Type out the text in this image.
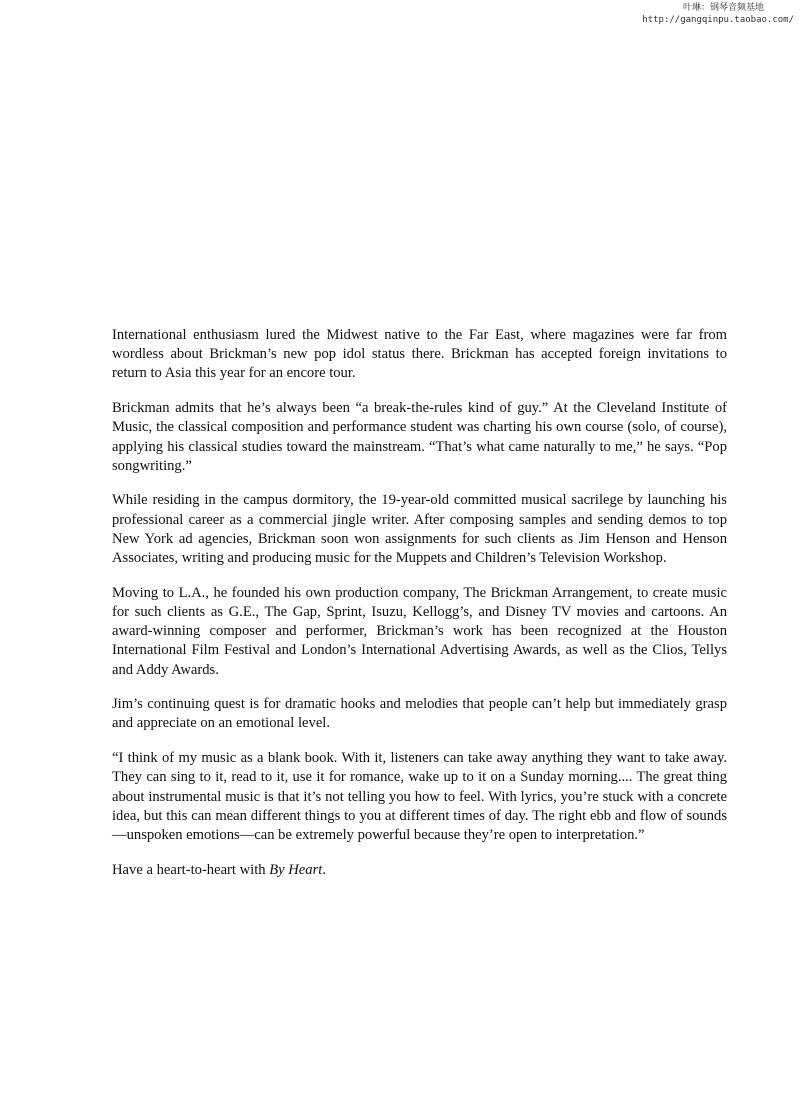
叶琳：钢琴音频基地
http://gangqinpu.taobao.com/

International enthusiasm lured the Midwest native to the Far East, where magazines were far from wordless about Brickman’s new pop idol status there. Brickman has accepted foreign invitations to return to Asia this year for an encore tour.

Brickman admits that he’s always been “a break-the-rules kind of guy.” At the Cleveland Institute of Music, the classical composition and performance student was charting his own course (solo, of course), applying his classical studies toward the mainstream. “That’s what came naturally to me,” he says. “Pop songwriting.”

While residing in the campus dormitory, the 19-year-old committed musical sacrilege by launching his professional career as a commercial jingle writer. After composing samples and sending demos to top New York ad agencies, Brickman soon won assignments for such clients as Jim Henson and Henson Associates, writing and producing music for the Muppets and Children’s Television Workshop.

Moving to L.A., he founded his own production company, The Brickman Arrangement, to create music for such clients as G.E., The Gap, Sprint, Isuzu, Kellogg’s, and Disney TV movies and cartoons. An award-winning composer and performer, Brickman’s work has been recognized at the Houston International Film Festival and London’s International Advertising Awards, as well as the Clios, Tellys and Addy Awards.

Jim’s continuing quest is for dramatic hooks and melodies that people can’t help but immediately grasp and appreciate on an emotional level.

“I think of my music as a blank book. With it, listeners can take away anything they want to take away. They can sing to it, read to it, use it for romance, wake up to it on a Sunday morning.... The great thing about instrumental music is that it’s not telling you how to feel. With lyrics, you’re stuck with a concrete idea, but this can mean different things to you at different times of day. The right ebb and flow of sounds—unspoken emotions—can be extremely powerful because they’re open to interpretation.”

Have a heart-to-heart with By Heart.
